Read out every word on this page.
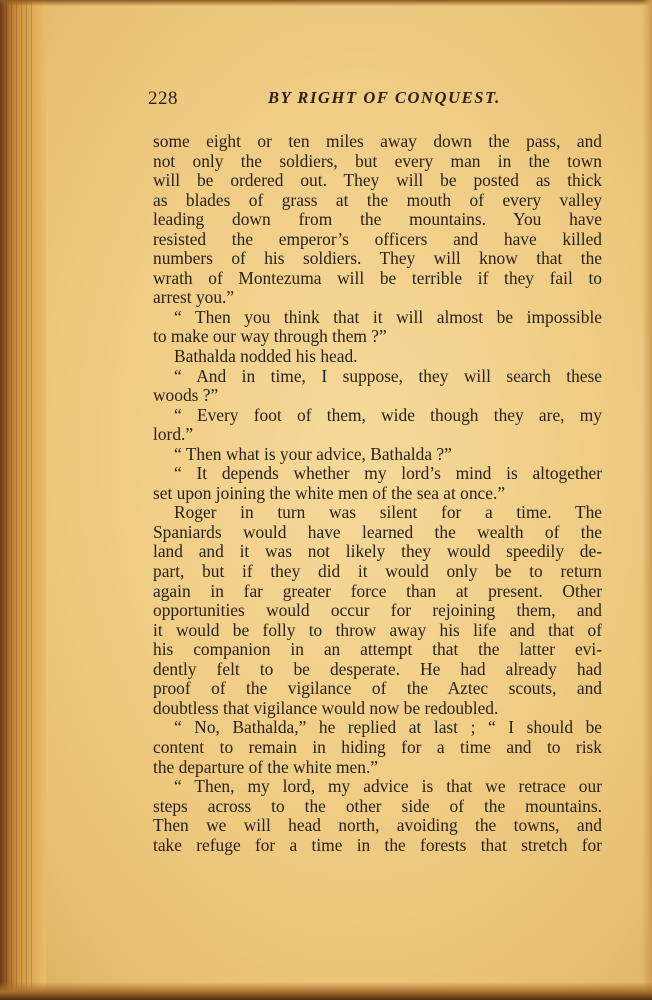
228	BY RIGHT OF CONQUEST.
some eight or ten miles away down the pass, and
not only the soldiers, but every man in the town
will be ordered out. They will be posted as thick
as blades of grass at the mouth of every valley
leading down from the mountains. You have
resisted the emperor’s officers and have killed
numbers of his soldiers. They will know that the
wrath of Montezuma will be terrible if they fail to
arrest you.”
“ Then you think that it will almost be impossible
to make our way through them ?”
Bathalda nodded his head.
“ And in time, I suppose, they will search these
woods ?”
“ Every foot of them, wide though they are, my
lord.”
“ Then what is your advice, Bathalda ?”
“ It depends whether my lord’s mind is altogether
set upon joining the white men of the sea at once.”
Roger in turn was silent for a time. The
Spaniards would have learned the wealth of the
land and it was not likely they would speedily de-
part, but if they did it would only be to return
again in far greater force than at present. Other
opportunities would occur for rejoining them, and
it would be folly to throw away his life and that of
his companion in an attempt that the latter evi-
dently felt to be desperate. He had already had
proof of the vigilance of the Aztec scouts, and
doubtless that vigilance would now be redoubled.
“ No, Bathalda,” he replied at last ; “ I should be
content to remain in hiding for a time and to risk
the departure of the white men.”
“ Then, my lord, my advice is that we retrace our
steps across to the other side of the mountains.
Then we will head north, avoiding the towns, and
take refuge for a time in the forests that stretch for
